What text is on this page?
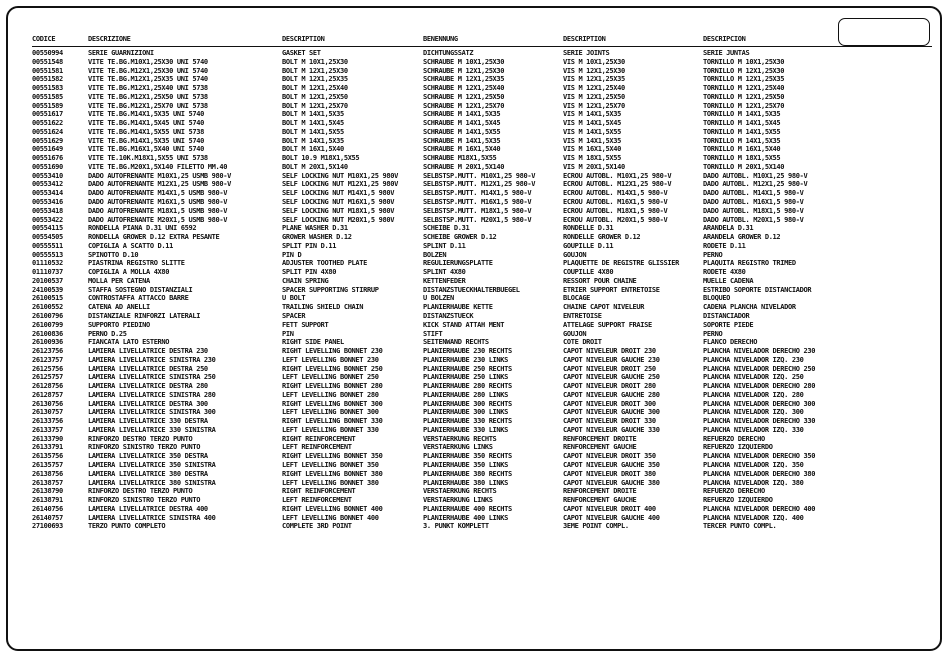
CODICE	DESCRIZIONE	DESCRIPTION	BENENNUNG	DESCRIPTION	DESCRIPCION
00550994	SERIE GUARNIZIONI	GASKET SET	DICHTUNGSSATZ	SERIE JOINTS	SERIE JUNTAS
00551548	VITE TE.BG.M10X1,25X30 UNI 5740	BOLT M 10X1,25X30	SCHRAUBE M 10X1,25X30	VIS M 10X1,25X30	TORNILLO M 10X1,25X30
00551581	VITE TE.BG.M12X1,25X30 UNI 5740	BOLT M 12X1,25X30	SCHRAUBE M 12X1,25X30	VIS M 12X1,25X30	TORNILLO M 12X1,25X30
00551582	VITE TE.BG.M12X1,25X35 UNI 5740	BOLT M 12X1,25X35	SCHRAUBE M 12X1,25X35	VIS M 12X1,25X35	TORNILLO M 12X1,25X35
00551583	VITE TE.BG.M12X1,25X40 UNI 5738	BOLT M 12X1,25X40	SCHRAUBE M 12X1,25X40	VIS M 12X1,25X40	TORNILLO M 12X1,25X40
00551585	VITE TE.BG.M12X1,25X50 UNI 5738	BOLT M 12X1,25X50	SCHRAUBE M 12X1,25X50	VIS M 12X1,25X50	TORNILLO M 12X1,25X50
00551589	VITE TE.BG.M12X1,25X70 UNI 5738	BOLT M 12X1,25X70	SCHRAUBE M 12X1,25X70	VIS M 12X1,25X70	TORNILLO M 12X1,25X70
00551617	VITE TE.BG.M14X1,5X35 UNI 5740	BOLT M 14X1,5X35	SCHRAUBE M 14X1,5X35	VIS M 14X1,5X35	TORNILLO M 14X1,5X35
00551622	VITE TE.BG.M14X1,5X45 UNI 5740	BOLT M 14X1,5X45	SCHRAUBE M 14X1,5X45	VIS M 14X1,5X45	TORNILLO M 14X1,5X45
00551624	VITE TE.BG.M14X1,5X55 UNI 5738	BOLT M 14X1,5X55	SCHRAUBE M 14X1,5X55	VIS M 14X1,5X55	TORNILLO M 14X1,5X55
00551629	VITE TE.BG.M14X1,5X35 UNI 5740	BOLT M 14X1,5X35	SCHRAUBE M 14X1,5X35	VIS M 14X1,5X35	TORNILLO M 14X1,5X35
00551649	VITE TE.BG.M16X1,5X40 UNI 5740	BOLT M 16X1,5X40	SCHRAUBE M 16X1,5X40	VIS M 16X1,5X40	TORNILLO M 16X1,5X40
00551676	VITE TE.10K.M18X1,5X55 UNI 5738	BOLT 10.9 M18X1,5X55	SCHRAUBE M18X1,5X55	VIS M 18X1,5X55	TORNILLO M 18X1,5X55
00551690	VITE TE.BG.M20X1,5X140 FILETTO MM.40	BOLT M 20X1,5X140	SCHRAUBE M 20X1,5X140	VIS M 20X1,5X140	TORNILLO M 20X1,5X140
00553410	DADO AUTOFRENANTE M10X1,25 USMB 980-V	SELF LOCKING NUT M10X1,25 980V	SELBSTSP.MUTT. M10X1,25 980-V	ECROU AUTOBL. M10X1,25 980-V	DADO AUTOBL. M10X1,25 980-V
00553412	DADO AUTOFRENANTE M12X1,25 USMB 980-V	SELF LOCKING NUT M12X1,25 980V	SELBSTSP.MUTT. M12X1,25 980-V	ECROU AUTOBL. M12X1,25 980-V	DADO AUTOBL. M12X1,25 980-V
00553414	DADO AUTOFRENANTE M14X1,5 USMB 980-V	SELF LOCKING NUT M14X1,5 980V	SELBSTSP.MUTT. M14X1,5 980-V	ECROU AUTOBL. M14X1,5 980-V	DADO AUTOBL. M14X1,5 980-V
00553416	DADO AUTOFRENANTE M16X1,5 USMB 980-V	SELF LOCKING NUT M16X1,5 980V	SELBSTSP.MUTT. M16X1,5 980-V	ECROU AUTOBL. M16X1,5 980-V	DADO AUTOBL. M16X1,5 980-V
00553418	DADO AUTOFRENANTE M18X1,5 USMB 980-V	SELF LOCKING NUT M18X1,5 980V	SELBSTSP.MUTT. M18X1,5 980-V	ECROU AUTOBL. M18X1,5 980-V	DADO AUTOBL. M18X1,5 980-V
00553422	DADO AUTOFRENANTE M20X1,5 USMB 980-V	SELF LOCKING NUT M20X1,5 980V	SELBSTSP.MUTT. M20X1,5 980-V	ECROU AUTOBL. M20X1,5 980-V	DADO AUTOBL. M20X1,5 980-V
00554115	RONDELLA PIANA D.31 UNI 6592	PLANE WASHER D.31	SCHEIBE D.31	RONDELLE D.31	ARANDELA D.31
00554505	RONDELLA GROWER D.12 EXTRA PESANTE	GROWER WASHER D.12	SCHEIBE GROWER D.12	RONDELLE GROWER D.12	ARANDELA GROWER D.12
00555511	COPIGLIA A SCATTO D.11	SPLIT PIN D.11	SPLINT D.11	GOUPILLE D.11	RODETE D.11
00555513	SPINOTTO D.10	PIN D	BOLZEN	GOUJON	PERNO
01110532	PIASTRINA REGISTRO SLITTE	ADJUSTER TOOTHED PLATE	REGULIERUNGSPLATTE	PLAQUETTE DE REGISTRE GLISSIER	PLAQUITA REGISTRO TRIMED
01110737	COPIGLIA A MOLLA 4X80	SPLIT PIN 4X80	SPLINT 4X80	COUPILLE 4X80	RODETE 4X80
20100537	MOLLA PER CATENA	CHAIN SPRING	KETTENFEDER	RESSORT POUR CHAINE	MUELLE CADENA
24100539	STAFFA SOSTEGNO DISTANZIALI	SPACER SUPPORTING STIRRUP	DISTANZSTUECKHALTERBUEGEL	ETRIER SUPPORT ENTRETOISE	ESTRIBO SOPORTE DISTANCIADOR
26100515	CONTROSTAFFA ATTACCO BARRE	U BOLT	U BOLZEN	BLOCAGE	BLOQUEO
26100552	CATENA AD ANELLI	TRAILING SHIELD CHAIN	PLANIERHAUBE KETTE	CHAINE CAPOT NIVELEUR	CADENA PLANCHA NIVELADOR
26100796	DISTANZIALE RINFORZI LATERALI	SPACER	DISTANZSTUECK	ENTRETOISE	DISTANCIADOR
26100799	SUPPORTO PIEDINO	FETT SUPPORT	KICK STAND ATTAH MENT	ATTELAGE SUPPORT FRAISE	SOPORTE PIEDE
26100836	PERNO D.25	PIN	STIFT	GOUJON	PERNO
26100936	FIANCATA LATO ESTERNO	RIGHT SIDE PANEL	SEITENWAND RECHTS	COTE DROIT	FLANCO DERECHO
26123756	LAMIERA LIVELLATRICE DESTRA 230	RIGHT LEVELLING BONNET 230	PLANIERHAUBE 230 RECHTS	CAPOT NIVELEUR DROIT 230	PLANCHA NIVELADOR DERECHO 230
26123757	LAMIERA LIVELLATRICE SINISTRA 230	LEFT LEVELLING BONNET 230	PLANIERHAUBE 230 LINKS	CAPOT NIVELEUR GAUCHE 230	PLANCHA NIVELADOR IZQ. 230
26125756	LAMIERA LIVELLATRICE DESTRA 250	RIGHT LEVELLING BONNET 250	PLANIERHAUBE 250 RECHTS	CAPOT NIVELEUR DROIT 250	PLANCHA NIVELADOR DERECHO 250
26125757	LAMIERA LIVELLATRICE SINISTRA 250	LEFT LEVELLING BONNET 250	PLANIERHAUBE 250 LINKS	CAPOT NIVELEUR GAUCHE 250	PLANCHA NIVELADOR IZQ. 250
26128756	LAMIERA LIVELLATRICE DESTRA 280	RIGHT LEVELLING BONNET 280	PLANIERHAUBE 280 RECHTS	CAPOT NIVELEUR DROIT 280	PLANCHA NIVELADOR DERECHO 280
26128757	LAMIERA LIVELLATRICE SINISTRA 280	LEFT LEVELLING BONNET 280	PLANIERHAUBE 280 LINKS	CAPOT NIVELEUR GAUCHE 280	PLANCHA NIVELADOR IZQ. 280
26130756	LAMIERA LIVELLATRICE DESTRA 300	RIGHT LEVELLING BONNET 300	PLANIERHAUBE 300 RECHTS	CAPOT NIVELEUR DROIT 300	PLANCHA NIVELADOR DERECHO 300
26130757	LAMIERA LIVELLATRICE SINISTRA 300	LEFT LEVELLING BONNET 300	PLANIERHAUBE 300 LINKS	CAPOT NIVELEUR GAUCHE 300	PLANCHA NIVELADOR IZQ. 300
26133756	LAMIERA LIVELLATRICE 330 DESTRA	RIGHT LEVELLING BONNET 330	PLANIERHAUBE 330 RECHTS	CAPOT NIVELEUR DROIT 330	PLANCHA NIVELADOR DERECHO 330
26133757	LAMIERA LIVELLATRICE 330 SINISTRA	LEFT LEVELLING BONNET 330	PLANIERHAUBE 330 LINKS	CAPOT NIVELEUR GAUCHE 330	PLANCHA NIVELADOR IZQ. 330
26133790	RINFORZO DESTRO TERZO PUNTO	RIGHT REINFORCEMENT	VERSTAERKUNG RECHTS	RENFORCEMENT DROITE	REFUERZO DERECHO
26133791	RINFORZO SINISTRO TERZO PUNTO	LEFT REINFORCEMENT	VERSTAERKUNG LINKS	RENFORCEMENT GAUCHE	REFUERZO IZQUIERDO
26135756	LAMIERA LIVELLATRICE 350 DESTRA	RIGHT LEVELLING BONNET 350	PLANIERHAUBE 350 RECHTS	CAPOT NIVELEUR DROIT 350	PLANCHA NIVELADOR DERECHO 350
26135757	LAMIERA LIVELLATRICE 350 SINISTRA	LEFT LEVELLING BONNET 350	PLANIERHAUBE 350 LINKS	CAPOT NIVELEUR GAUCHE 350	PLANCHA NIVELADOR IZQ. 350
26138756	LAMIERA LIVELLATRICE 380 DESTRA	RIGHT LEVELLING BONNET 380	PLANIERHAUBE 380 RECHTS	CAPOT NIVELEUR DROIT 380	PLANCHA NIVELADOR DERECHO 380
26138757	LAMIERA LIVELLATRICE 380 SINISTRA	LEFT LEVELLING BONNET 380	PLANIERHAUBE 380 LINKS	CAPOT NIVELEUR GAUCHE 380	PLANCHA NIVELADOR IZQ. 380
26138790	RINFORZO DESTRO TERZO PUNTO	RIGHT REINFORCEMENT	VERSTAERKUNG RECHTS	RENFORCEMENT DROITE	REFUERZO DERECHO
26138791	RINFORZO SINISTRO TERZO PUNTO	LEFT REINFORCEMENT	VERSTAERKUNG LINKS	RENFORCEMENT GAUCHE	REFUERZO IZQUIERDO
26140756	LAMIERA LIVELLATRICE DESTRA 400	RIGHT LEVELLING BONNET 400	PLANIERHAUBE 400 RECHTS	CAPOT NIVELEUR DROIT 400	PLANCHA NIVELADOR DERECHO 400
26140757	LAMIERA LIVELLATRICE SINISTRA 400	LEFT LEVELLING BONNET 400	PLANIERHAUBE 400 LINKS	CAPOT NIVELEUR GAUCHE 400	PLANCHA NIVELADOR IZQ. 400
27100693	TERZO PUNTO COMPLETO	COMPLETE 3RD POINT	3. PUNKT KOMPLETT	3EME POINT COMPL.	TERCER PUNTO COMPL.
